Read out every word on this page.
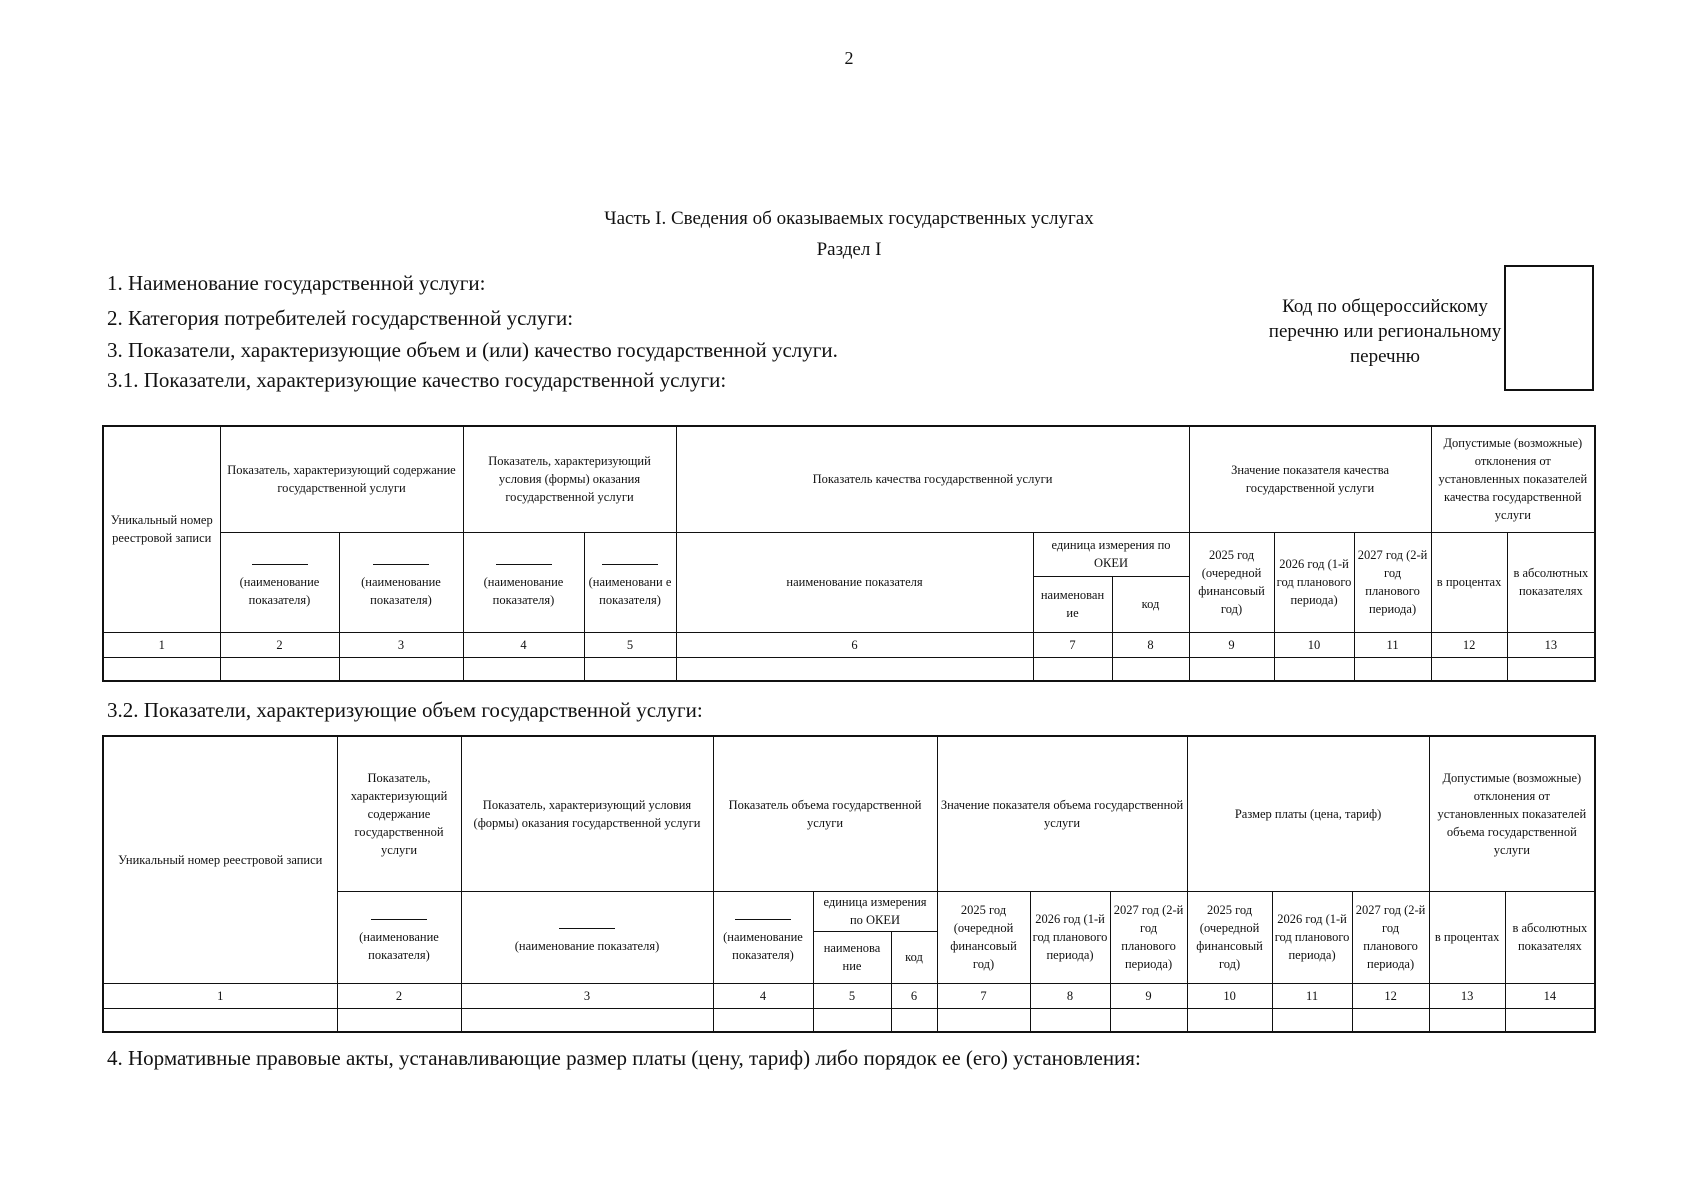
2
Часть I. Сведения об оказываемых государственных услугах
Раздел I
1. Наименование государственной услуги:
2. Категория потребителей государственной услуги:
3. Показатели, характеризующие объем и (или) качество государственной услуги.
3.1. Показатели, характеризующие качество государственной услуги:
Код по общероссийскому перечню или региональному перечню
Уникальный номер реестровой записи	Показатель, характеризующий содержание государственной услуги		Показатель, характеризующий условия (формы) оказания государственной услуги		Показатель качества государственной услуги			Значение показателя качества государственной услуги			Допустимые (возможные) отклонения от установленных показателей качества государственной услуги	

	(наименование показателя)	(наименование показателя)	(наименование показателя)	(наименовани е показателя)	наименование показателя	единица измерения по ОКЕИ		2025 год (очередной финансовый год)	2026 год (1-й год планового периода)	2027 год (2-й год планового периода)	в процентах	в абсолютных показателях
						наименован ие	код					
1	2	3	4	5	6	7	8	9	10	11	12	13

3.2. Показатели, характеризующие объем государственной услуги:
Уникальный номер реестровой записи	Показатель, характеризующий содержание государственной услуги	Показатель, характеризующий условия (формы) оказания государственной услуги	Показатель объема государственной услуги			Значение показателя объема государственной услуги			Размер платы (цена, тариф)			Допустимые (возможные) отклонения от установленных показателей объема государственной услуги	

	(наименование показателя)	(наименование показателя)	(наименование показателя)	единица измерения по ОКЕИ		2025 год (очередной финансовый год)	2026 год (1-й год планового периода)	2027 год (2-й год планового периода)	2025 год (очередной финансовый год)	2026 год (1-й год планового периода)	2027 год (2-й год планового периода)	в процентах	в абсолютных показателях
				наименова ние	код								
1	2	3	4	5	6	7	8	9	10	11	12	13	14

4. Нормативные правовые акты, устанавливающие размер платы (цену, тариф) либо порядок ее (его) установления:
